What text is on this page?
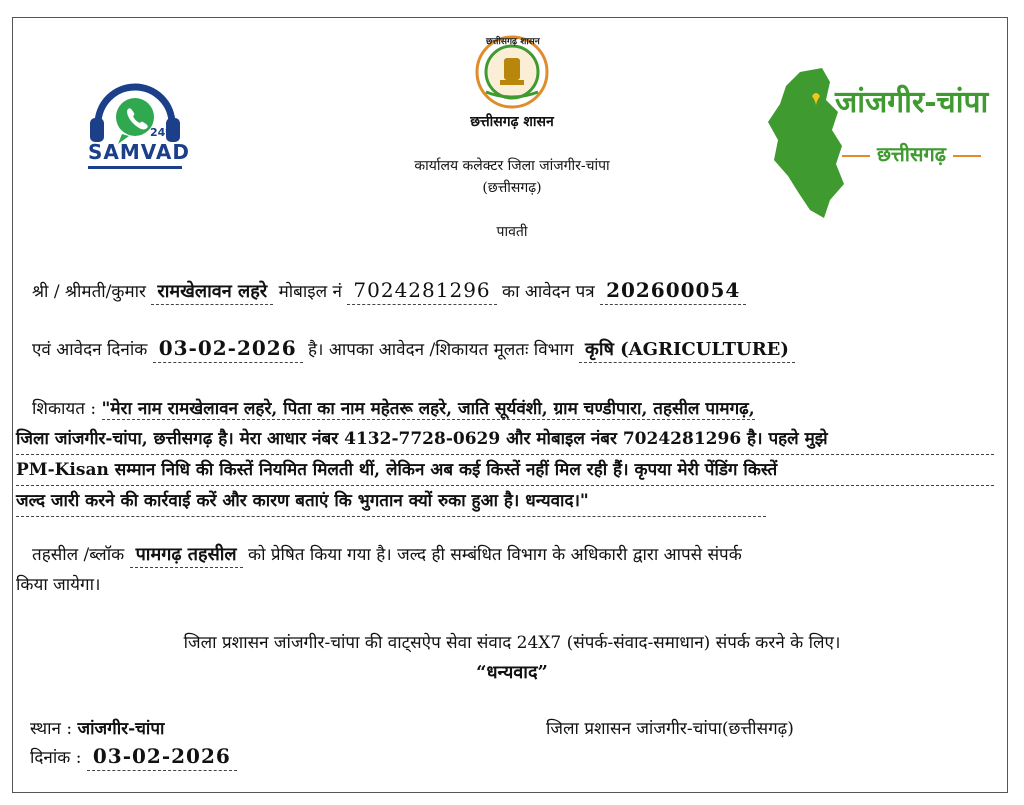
24*7
SAMVAD
छत्तीसगढ़ शासन
छत्तीसगढ़ शासन
कार्यालय कलेक्टर जिला जांजगीर-चांपा
(छत्तीसगढ़)
पावती
जांजगीर-चांपा
छत्तीसगढ़
श्री / श्रीमती/कुमार रामखेलावन लहरे मोबाइल नं 7024281296 का आवेदन पत्र 202600054
एवं आवेदन दिनांक 03-02-2026 है। आपका आवेदन /शिकायत मूलतः विभाग कृषि (AGRICULTURE)
शिकायत : "मेरा नाम रामखेलावन लहरे, पिता का नाम महेतरू लहरे, जाति सूर्यवंशी, ग्राम चण्डीपारा, तहसील पामगढ़,
जिला जांजगीर-चांपा, छत्तीसगढ़ है। मेरा आधार नंबर 4132-7728-0629 और मोबाइल नंबर 7024281296 है। पहले मुझे
PM-Kisan सम्मान निधि की किस्तें नियमित मिलती थीं, लेकिन अब कई किस्तें नहीं मिल रही हैं। कृपया मेरी पेंडिंग किस्तें
जल्द जारी करने की कार्रवाई करें और कारण बताएं कि भुगतान क्यों रुका हुआ है। धन्यवाद।"
तहसील /ब्लॉक पामगढ़ तहसील को प्रेषित किया गया है। जल्द ही सम्बंधित विभाग के अधिकारी द्वारा आपसे संपर्क
किया जायेगा।
जिला प्रशासन जांजगीर-चांपा की वाट्सऐप सेवा संवाद 24X7 (संपर्क-संवाद-समाधान) संपर्क करने के लिए।
“धन्यवाद”
स्थान : जांजगीर-चांपा
दिनांक : 03-02-2026
जिला प्रशासन जांजगीर-चांपा(छत्तीसगढ़)
